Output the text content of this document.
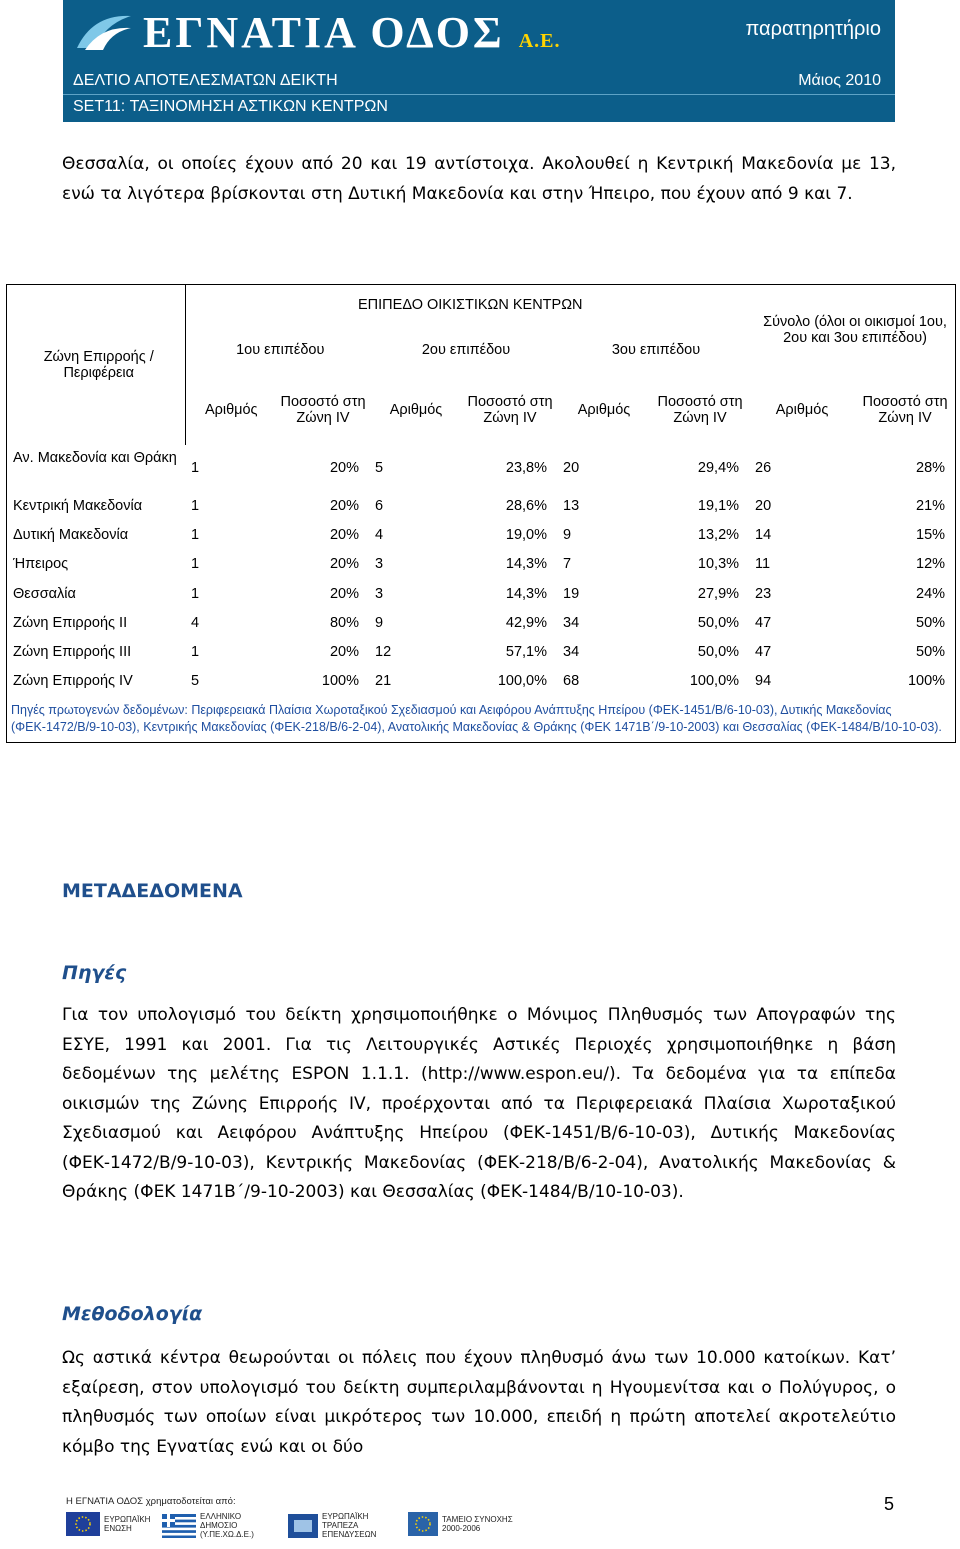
ΕΓΝΑΤΙΑ ΟΔΟΣ Α.Ε.
παρατηρητήριο
ΔΕΛΤΙΟ ΑΠΟΤΕΛΕΣΜΑΤΩΝ ΔΕΙΚΤΗ	Μάιος 2010
SET11: ΤΑΞΙΝΟΜΗΣΗ ΑΣΤΙΚΩΝ ΚΕΝΤΡΩΝ

Θεσσαλία, οι οποίες έχουν από 20 και 19 αντίστοιχα. Ακολουθεί η Κεντρική Μακεδονία με 13, ενώ τα λιγότερα βρίσκονται στη Δυτική Μακεδονία και στην Ήπειρο, που έχουν από 9 και 7.

Ζώνη Επιρροής / Περιφέρεια	ΕΠΙΠΕΔΟ ΟΙΚΙΣΤΙΚΩΝ ΚΕΝΤΡΩΝ						Σύνολο (όλοι οι οικισμοί 1ου, 2ου και 3ου επιπέδου)	
	1ου επιπέδου		2ου επιπέδου		3ου επιπέδου			
	Αριθμός	Ποσοστό στη Ζώνη IV	Αριθμός	Ποσοστό στη Ζώνη IV	Αριθμός	Ποσοστό στη Ζώνη IV	Αριθμός	Ποσοστό στη Ζώνη IV
Αν. Μακεδονία και Θράκη	1	20%	5	23,8%	20	29,4%	26	28%
Κεντρική Μακεδονία	1	20%	6	28,6%	13	19,1%	20	21%
Δυτική Μακεδονία	1	20%	4	19,0%	9	13,2%	14	15%
Ήπειρος	1	20%	3	14,3%	7	10,3%	11	12%
Θεσσαλία	1	20%	3	14,3%	19	27,9%	23	24%
Ζώνη Επιρροής II	4	80%	9	42,9%	34	50,0%	47	50%
Ζώνη Επιρροής III	1	20%	12	57,1%	34	50,0%	47	50%
Ζώνη Επιρροής IV	5	100%	21	100,0%	68	100,0%	94	100%
Πηγές πρωτογενών δεδομένων: Περιφερειακά Πλαίσια Χωροταξικού Σχεδιασμού και Αειφόρου Ανάπτυξης Ηπείρου (ΦΕΚ-1451/Β/6-10-03), Δυτικής Μακεδονίας (ΦΕΚ-1472/Β/9-10-03), Κεντρικής Μακεδονίας (ΦΕΚ-218/Β/6-2-04), Ανατολικής Μακεδονίας & Θράκης (ΦΕΚ 1471Β΄/9-10-2003) και Θεσσαλίας (ΦΕΚ-1484/Β/10-10-03).								
ΜΕΤΑΔΕΔΟΜΕΝΑ
Πηγές

Για τον υπολογισμό του δείκτη χρησιμοποιήθηκε ο Μόνιμος Πληθυσμός των Απογραφών της ΕΣΥΕ, 1991 και 2001. Για τις Λειτουργικές Αστικές Περιοχές χρησιμοποιήθηκε η βάση δεδομένων της μελέτης ESPON 1.1.1. (http://www.espon.eu/). Τα δεδομένα για τα επίπεδα οικισμών της Ζώνης Επιρροής IV, προέρχονται από τα Περιφερειακά Πλαίσια Χωροταξικού Σχεδιασμού και Αειφόρου Ανάπτυξης Ηπείρου (ΦΕΚ-1451/Β/6-10-03), Δυτικής Μακεδονίας (ΦΕΚ-1472/Β/9-10-03), Κεντρικής Μακεδονίας (ΦΕΚ-218/Β/6-2-04), Ανατολικής Μακεδονίας & Θράκης (ΦΕΚ 1471Β΄/9-10-2003) και Θεσσαλίας (ΦΕΚ-1484/Β/10-10-03).

Μεθοδολογία

Ως αστικά κέντρα θεωρούνται οι πόλεις που έχουν πληθυσμό άνω των 10.000 κατοίκων. Κατ’ εξαίρεση, στον υπολογισμό του δείκτη συμπεριλαμβάνονται η Ηγουμενίτσα και ο Πολύγυρος, ο πληθυσμός των οποίων είναι μικρότερος των 10.000, επειδή η πρώτη αποτελεί ακροτελεύτιο κόμβο της Εγνατίας ενώ και οι δύο

Η ΕΓΝΑΤΙΑ ΟΔΟΣ χρηματοδοτείται από:
ΕΥΡΩΠΑΪΚΗ ΕΝΩΣΗ
ΕΛΛΗΝΙΚΟ ΔΗΜΟΣΙΟ (Υ.ΠΕ.ΧΩ.Δ.Ε.)
ΕΥΡΩΠΑΪΚΗ ΤΡΑΠΕΖΑ ΕΠΕΝΔΥΣΕΩΝ
ΤΑΜΕΙΟ ΣΥΝΟΧΗΣ 2000-2006
5
